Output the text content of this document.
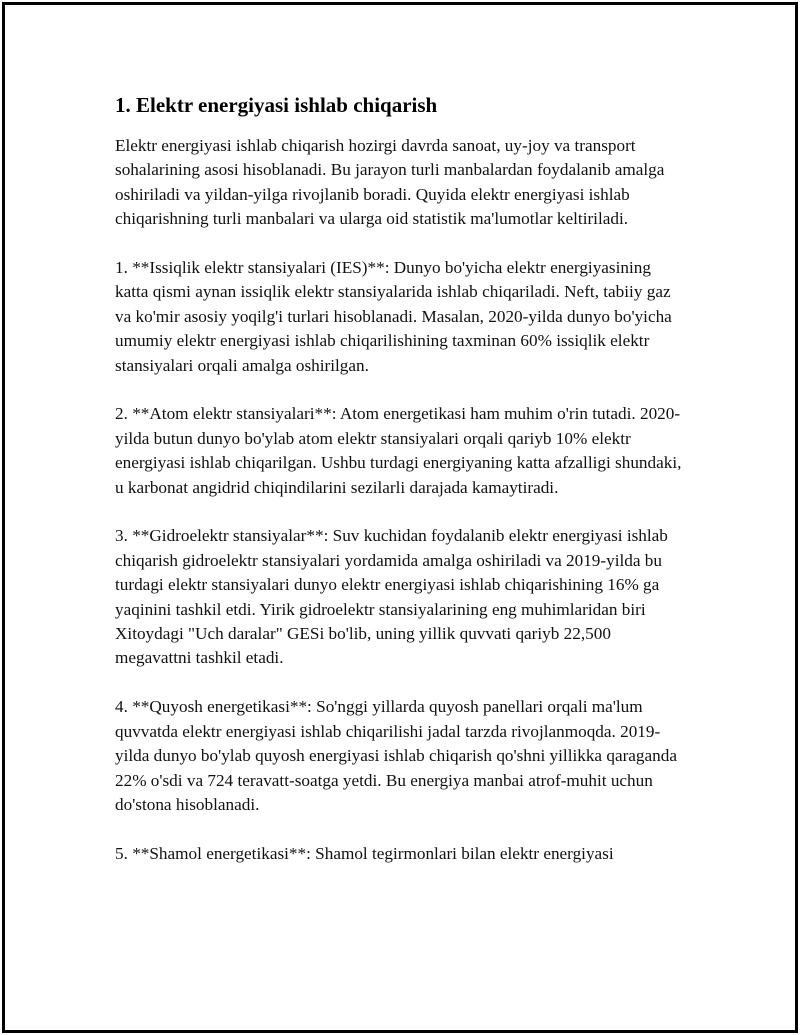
1. Elektr energiyasi ishlab chiqarish

Elektr energiyasi ishlab chiqarish hozirgi davrda sanoat, uy-joy va transport sohalarining asosi hisoblanadi. Bu jarayon turli manbalardan foydalanib amalga oshiriladi va yildan-yilga rivojlanib boradi. Quyida elektr energiyasi ishlab chiqarishning turli manbalari va ularga oid statistik ma'lumotlar keltiriladi.

1. **Issiqlik elektr stansiyalari (IES)**: Dunyo bo'yicha elektr energiyasining katta qismi aynan issiqlik elektr stansiyalarida ishlab chiqariladi. Neft, tabiiy gaz va ko'mir asosiy yoqilg'i turlari hisoblanadi. Masalan, 2020-yilda dunyo bo'yicha umumiy elektr energiyasi ishlab chiqarilishining taxminan 60% issiqlik elektr stansiyalari orqali amalga oshirilgan.

2. **Atom elektr stansiyalari**: Atom energetikasi ham muhim o'rin tutadi. 2020-yilda butun dunyo bo'ylab atom elektr stansiyalari orqali qariyb 10% elektr energiyasi ishlab chiqarilgan. Ushbu turdagi energiyaning katta afzalligi shundaki, u karbonat angidrid chiqindilarini sezilarli darajada kamaytiradi.

3. **Gidroelektr stansiyalar**: Suv kuchidan foydalanib elektr energiyasi ishlab chiqarish gidroelektr stansiyalari yordamida amalga oshiriladi va 2019-yilda bu turdagi elektr stansiyalari dunyo elektr energiyasi ishlab chiqarishining 16% ga yaqinini tashkil etdi. Yirik gidroelektr stansiyalarining eng muhimlaridan biri Xitoydagi "Uch daralar" GESi bo'lib, uning yillik quvvati qariyb 22,500 megavattni tashkil etadi.

4. **Quyosh energetikasi**: So'nggi yillarda quyosh panellari orqali ma'lum quvvatda elektr energiyasi ishlab chiqarilishi jadal tarzda rivojlanmoqda. 2019-yilda dunyo bo'ylab quyosh energiyasi ishlab chiqarish qo'shni yillikka qaraganda 22% o'sdi va 724 teravatt-soatga yetdi. Bu energiya manbai atrof-muhit uchun do'stona hisoblanadi.

5. **Shamol energetikasi**: Shamol tegirmonlari bilan elektr energiyasi
